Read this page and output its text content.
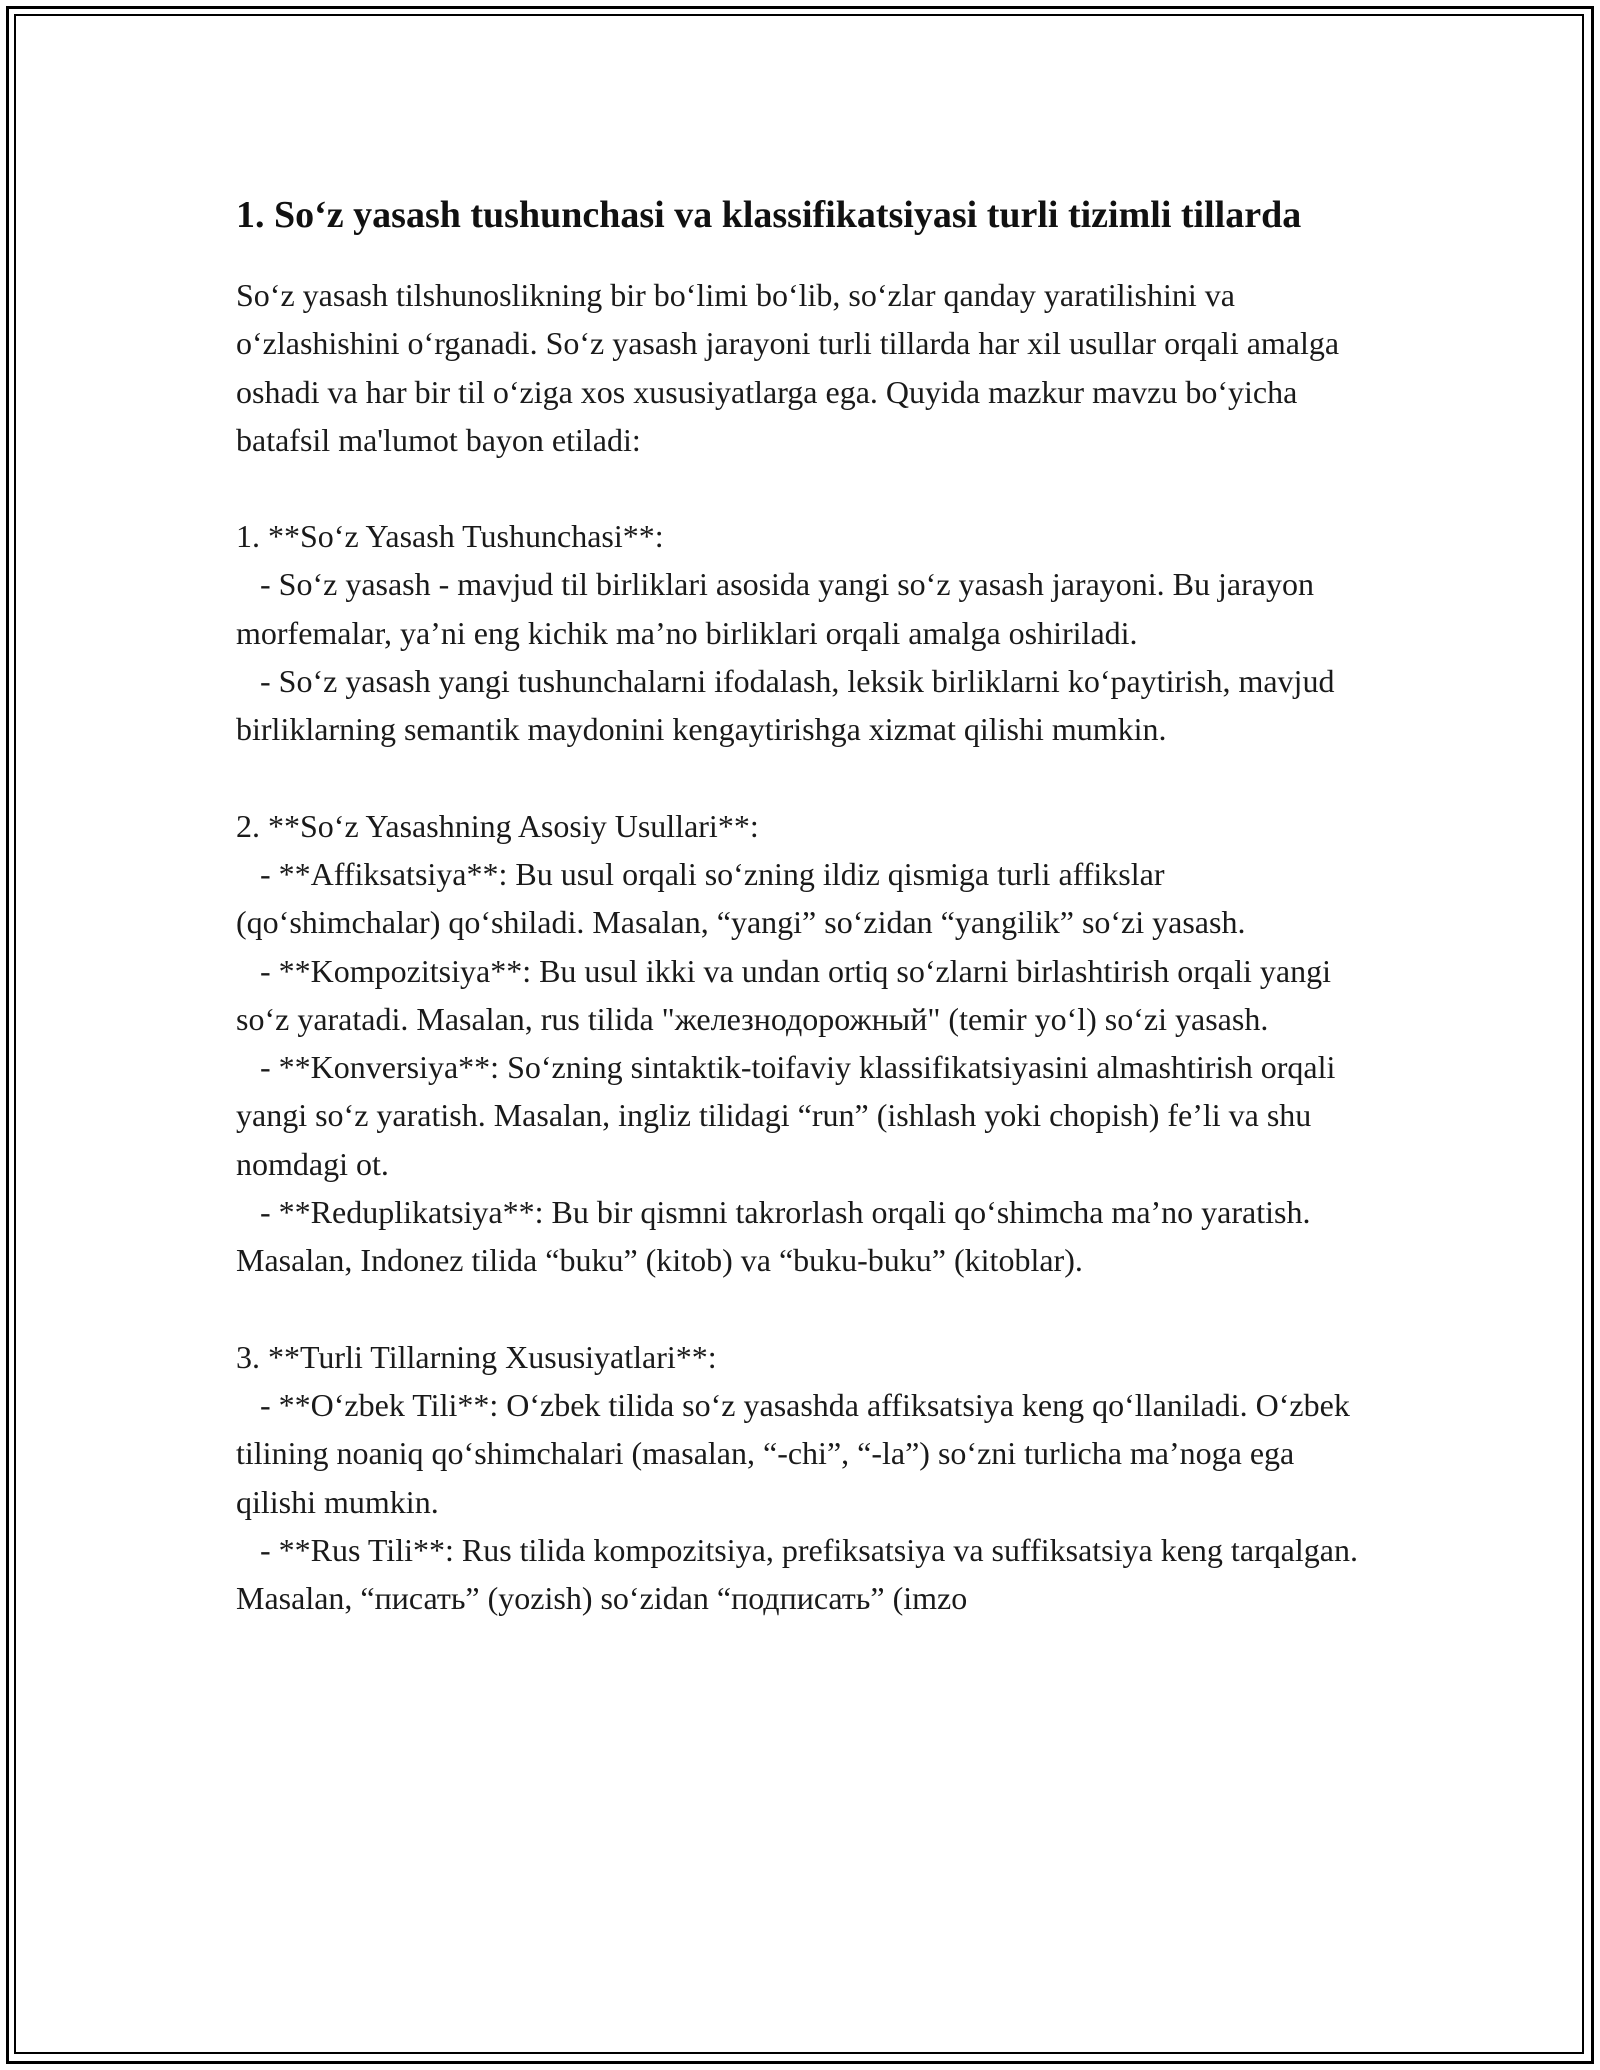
1. So‘z yasash tushunchasi va klassifikatsiyasi turli tizimli tillarda

So‘z yasash tilshunoslikning bir bo‘limi bo‘lib, so‘zlar qanday yaratilishini va o‘zlashishini o‘rganadi. So‘z yasash jarayoni turli tillarda har xil usullar orqali amalga oshadi va har bir til o‘ziga xos xususiyatlarga ega. Quyida mazkur mavzu bo‘yicha batafsil ma'lumot bayon etiladi:

1. **So‘z Yasash Tushunchasi**:
- So‘z yasash - mavjud til birliklari asosida yangi so‘z yasash jarayoni. Bu jarayon morfemalar, ya’ni eng kichik ma’no birliklari orqali amalga oshiriladi.
- So‘z yasash yangi tushunchalarni ifodalash, leksik birliklarni ko‘paytirish, mavjud birliklarning semantik maydonini kengaytirishga xizmat qilishi mumkin.
2. **So‘z Yasashning Asosiy Usullari**:
- **Affiksatsiya**: Bu usul orqali so‘zning ildiz qismiga turli affikslar (qo‘shimchalar) qo‘shiladi. Masalan, “yangi” so‘zidan “yangilik” so‘zi yasash.
- **Kompozitsiya**: Bu usul ikki va undan ortiq so‘zlarni birlashtirish orqali yangi so‘z yaratadi. Masalan, rus tilida "железнодорожный" (temir yo‘l) so‘zi yasash.
- **Konversiya**: So‘zning sintaktik-toifaviy klassifikatsiyasini almashtirish orqali yangi so‘z yaratish. Masalan, ingliz tilidagi “run” (ishlash yoki chopish) fe’li va shu nomdagi ot.
- **Reduplikatsiya**: Bu bir qismni takrorlash orqali qo‘shimcha ma’no yaratish. Masalan, Indonez tilida “buku” (kitob) va “buku-buku” (kitoblar).
3. **Turli Tillarning Xususiyatlari**:
- **O‘zbek Tili**: O‘zbek tilida so‘z yasashda affiksatsiya keng qo‘llaniladi. O‘zbek tilining noaniq qo‘shimchalari (masalan, “-chi”, “-la”) so‘zni turlicha ma’noga ega qilishi mumkin.
- **Rus Tili**: Rus tilida kompozitsiya, prefiksatsiya va suffiksatsiya keng tarqalgan. Masalan, “писать” (yozish) so‘zidan “подписать” (imzo
